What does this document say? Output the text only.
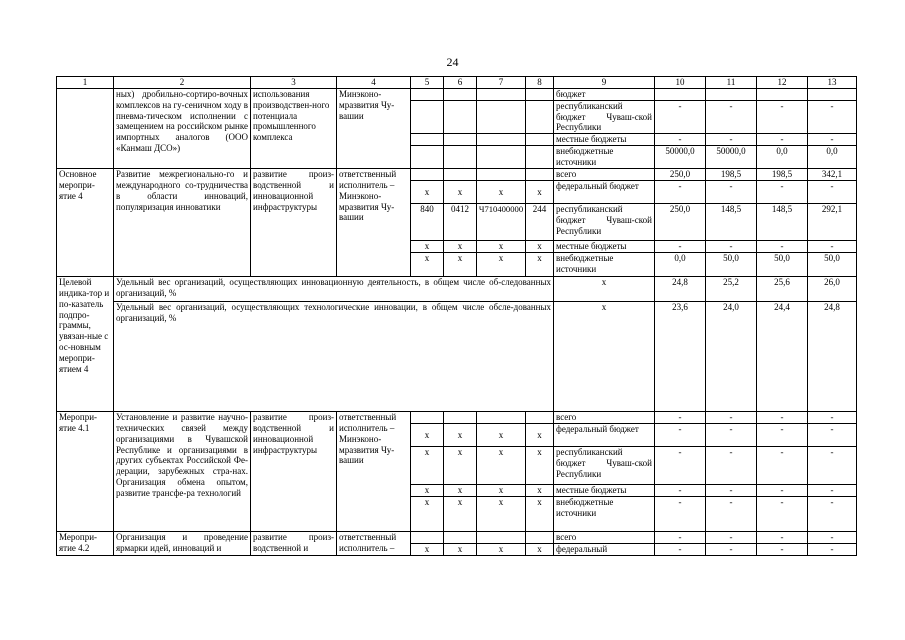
24
1	2	3	4	5	6	7	8	9	10	11	12	13
	ных) дробильно-сортиро-вочных комплексов на гу-сеничном ходу в пневма-тическом исполнении с замещением на российском рынке импортных аналогов (ООО «Канмаш ДСО»)	использования производствен-ного потенциала промышленного комплекса	Минэконо-мразвития Чу-вашии					бюджет				
								республиканский бюджет Чуваш-ской Республики	-	-	-	-
								местные бюджеты	-	-	-	-
								внебюджетные источники	50000,0	50000,0	0,0	0,0
Основное меропри-ятие 4	Развитие межрегионально-го и международного со-трудничества в области инноваций, популяризация инноватики	развитие произ-водственной и инновационной инфраструктуры	ответственный исполнитель – Минэконо-мразвития Чу-вашии					всего	250,0	198,5	198,5	342,1
				x	x	x	x	федеральный бюджет	-	-	-	-
				840	0412	Ч710400000	244	республиканский бюджет Чуваш-ской Республики	250,0	148,5	148,5	292,1
				x	x	x	x	местные бюджеты	-	-	-	-
				x	x	x	x	внебюджетные источники	0,0	50,0	50,0	50,0
Целевой индика-тор и по-казатель подпро-граммы, увязан-ные с ос-новным меропри-ятием 4	Удельный вес организаций, осуществляющих инновационную деятельность, в общем числе об-следованных организаций, %							x	24,8	25,2	25,6	26,0
	Удельный вес организаций, осуществляющих технологические инновации, в общем числе обсле-дованных организаций, %							x	23,6	24,0	24,4	24,8
Меропри-ятие 4.1	Установление и развитие научно-технических связей между организациями в Чувашской Республике и организациями в других субъектах Российской Фе-дерации, зарубежных стра-нах. Организация обмена опытом, развитие трансфе-ра технологий	развитие произ-водственной и инновационной инфраструктуры	ответственный исполнитель – Минэконо-мразвития Чу-вашии					всего	-	-	-	-
				x	x	x	x	федеральный бюджет	-	-	-	-
				x	x	x	x	республиканский бюджет Чуваш-ской Республики	-	-	-	-
				x	x	x	x	местные бюджеты	-	-	-	-
				x	x	x	x	внебюджетные источники	-	-	-	-
Меропри-ятие 4.2	Организация и проведение ярмарки идей, инноваций и	развитие произ-водственной и	ответственный исполнитель –					всего	-	-	-	-
				x	x	x	x	федеральный	-	-	-	-
